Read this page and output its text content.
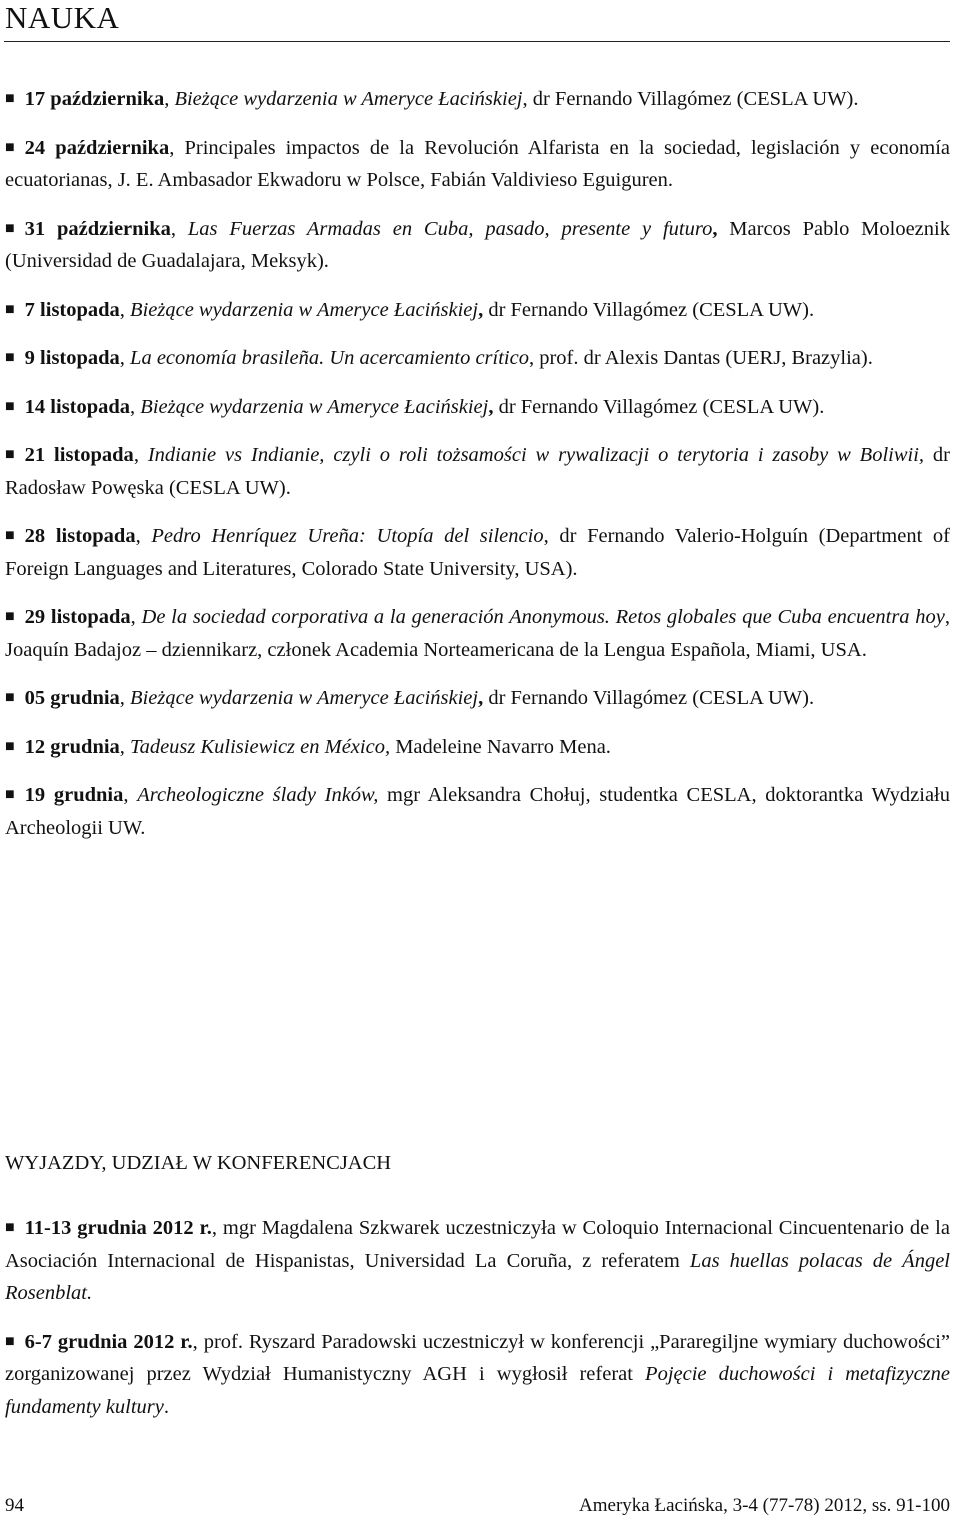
NAUKA

■ 17 października, Bieżące wydarzenia w Ameryce Łacińskiej, dr Fernando Villagómez (CESLA UW).

■ 24 października, Principales impactos de la Revolución Alfarista en la sociedad, legislación y economía ecuatorianas, J. E. Ambasador Ekwadoru w Polsce, Fabián Valdivieso Eguiguren.

■ 31 października, Las Fuerzas Armadas en Cuba, pasado, presente y futuro, Marcos Pablo Moloeznik (Universidad de Guadalajara, Meksyk).

■ 7 listopada, Bieżące wydarzenia w Ameryce Łacińskiej, dr Fernando Villagómez (CESLA UW).

■ 9 listopada, La economía brasileña. Un acercamiento crítico, prof. dr Alexis Dantas (UERJ, Brazylia).

■ 14 listopada, Bieżące wydarzenia w Ameryce Łacińskiej, dr Fernando Villagómez (CESLA UW).

■ 21 listopada, Indianie vs Indianie, czyli o roli tożsamości w rywalizacji o terytoria i zasoby w Boliwii, dr Radosław Powęska (CESLA UW).

■ 28 listopada, Pedro Henríquez Ureña: Utopía del silencio, dr Fernando Valerio-Holguín (Department of Foreign Languages and Literatures, Colorado State University, USA).

■ 29 listopada, De la sociedad corporativa a la generación Anonymous. Retos globales que Cuba encuentra hoy, Joaquín Badajoz – dziennikarz, członek Academia Norteamericana de la Lengua Española, Miami, USA.

■ 05 grudnia, Bieżące wydarzenia w Ameryce Łacińskiej, dr Fernando Villagómez (CESLA UW).

■ 12 grudnia, Tadeusz Kulisiewicz en México, Madeleine Navarro Mena.

■ 19 grudnia, Archeologiczne ślady Inków, mgr Aleksandra Chołuj, studentka CESLA, doktorantka Wydziału Archeologii UW.

WYJAZDY, UDZIAŁ W KONFERENCJACH

■ 11-13 grudnia 2012 r., mgr Magdalena Szkwarek uczestniczyła w Coloquio Internacional Cincuentenario de la Asociación Internacional de Hispanistas, Universidad La Coruña, z referatem Las huellas polacas de Ángel Rosenblat.

■ 6-7 grudnia 2012 r., prof. Ryszard Paradowski uczestniczył w konferencji „Pararegiljne wymiary duchowości” zorganizowanej przez Wydział Humanistyczny AGH i wygłosił referat Pojęcie duchowości i metafizyczne fundamenty kultury.

94	Ameryka Łacińska, 3-4 (77-78) 2012, ss. 91-100
